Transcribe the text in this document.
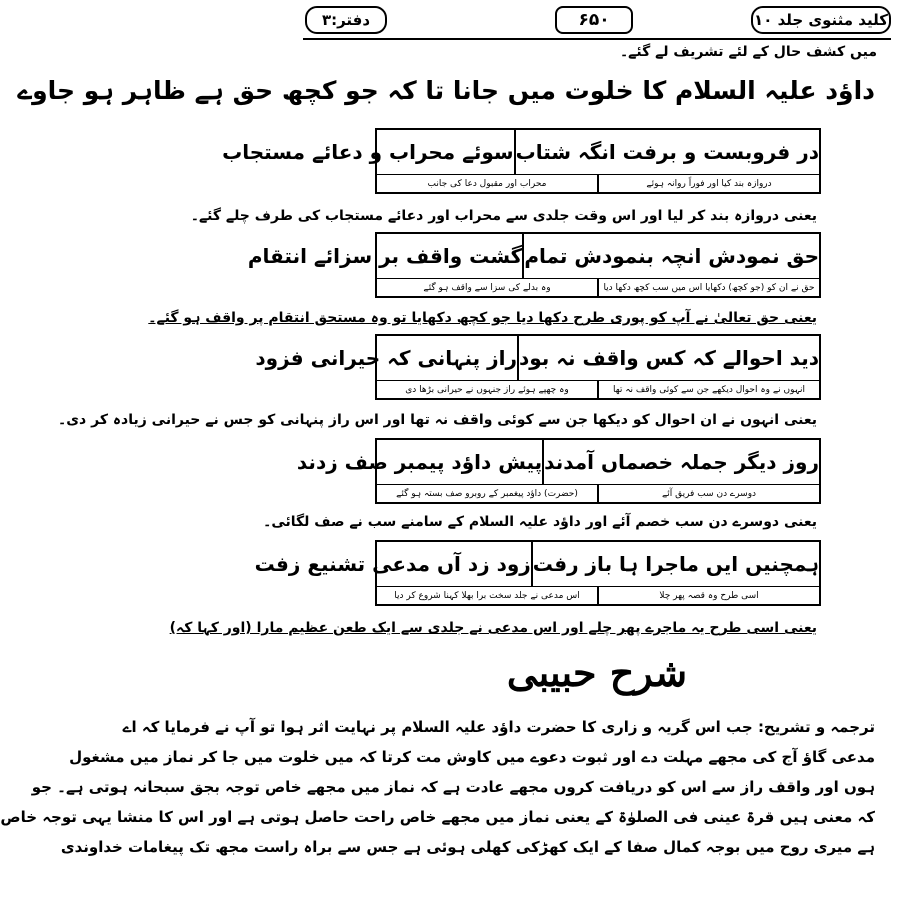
کلید مثنوی جلد ۱۰
۶۵۰
دفتر:۳
میں کشف حال کے لئے تشریف لے گئے۔
داؤد علیہ السلام کا خلوت میں جانا تا کہ جو کچھ حق ہے ظاہر ہو جاوے
در فروبست و برفت انگہ شتاب
سوئے محراب و دعائے مستجاب
دروازہ بند کیا اور فوراً روانہ ہوئے
محراب اور مقبول دعا کی جانب
یعنی دروازہ بند کر لیا اور اس وقت جلدی سے محراب اور دعائے مستجاب کی طرف چلے گئے۔
حق نمودش انچہ بنمودش تمام
گشت واقف بر سزائے انتقام
حق نے ان کو (جو کچھ) دکھایا اس میں سب کچھ دکھا دیا
وہ بدلے کی سزا سے واقف ہو گئے
یعنی حق تعالیٰ نے آپ کو پوری طرح دکھا دیا جو کچھ دکھایا تو وہ مستحق انتقام پر واقف ہو گئے۔
دید احوالے کہ کس واقف نہ بود
راز پنہانی کہ حیرانی فزود
انہوں نے وہ احوال دیکھے جن سے کوئی واقف نہ تھا
وہ چھپے ہوئے راز جنہوں نے حیرانی بڑھا دی
یعنی انہوں نے ان احوال کو دیکھا جن سے کوئی واقف نہ تھا اور اس راز پنہانی کو جس نے حیرانی زیادہ کر دی۔
روز دیگر جملہ خصماں آمدند
پیش داؤد پیمبر صف زدند
دوسرے دن سب فریق آئے
(حضرت) داؤد پیغمبر کے روبرو صف بستہ ہو گئے
یعنی دوسرے دن سب خصم آئے اور داؤد علیہ السلام کے سامنے سب نے صف لگائی۔
ہمچنیں ایں ماجرا ہا باز رفت
زود زد آں مدعی تشنیع زفت
اسی طرح وہ قصہ پھر چلا
اس مدعی نے جلد سخت برا بھلا کہنا شروع کر دیا
یعنی اسی طرح یہ ماجرے پھر چلے اور اس مدعی نے جلدی سے ایک طعن عظیم مارا (اور کہا کہ)
شرح حبیبی
ترجمہ و تشریح: جب اس گریہ و زاری کا حضرت داؤد علیہ السلام پر نہایت اثر ہوا تو آپ نے فرمایا کہ اے
مدعی گاؤ آج کی مجھے مہلت دے اور ثبوت دعوے میں کاوش مت کرتا کہ میں خلوت میں جا کر نماز میں مشغول
ہوں اور واقف راز سے اس کو دریافت کروں مجھے عادت ہے کہ نماز میں مجھے خاص توجہ بجق سبحانہ ہوتی ہے۔ جو
کہ معنی ہیں قرۃ عینی فی الصلوٰۃ کے یعنی نماز میں مجھے خاص راحت حاصل ہوتی ہے اور اس کا منشا یہی توجہ خاص
ہے میری روح میں بوجہ کمال صفا کے ایک کھڑکی کھلی ہوئی ہے جس سے براہ راست مجھ تک پیغامات خداوندی
